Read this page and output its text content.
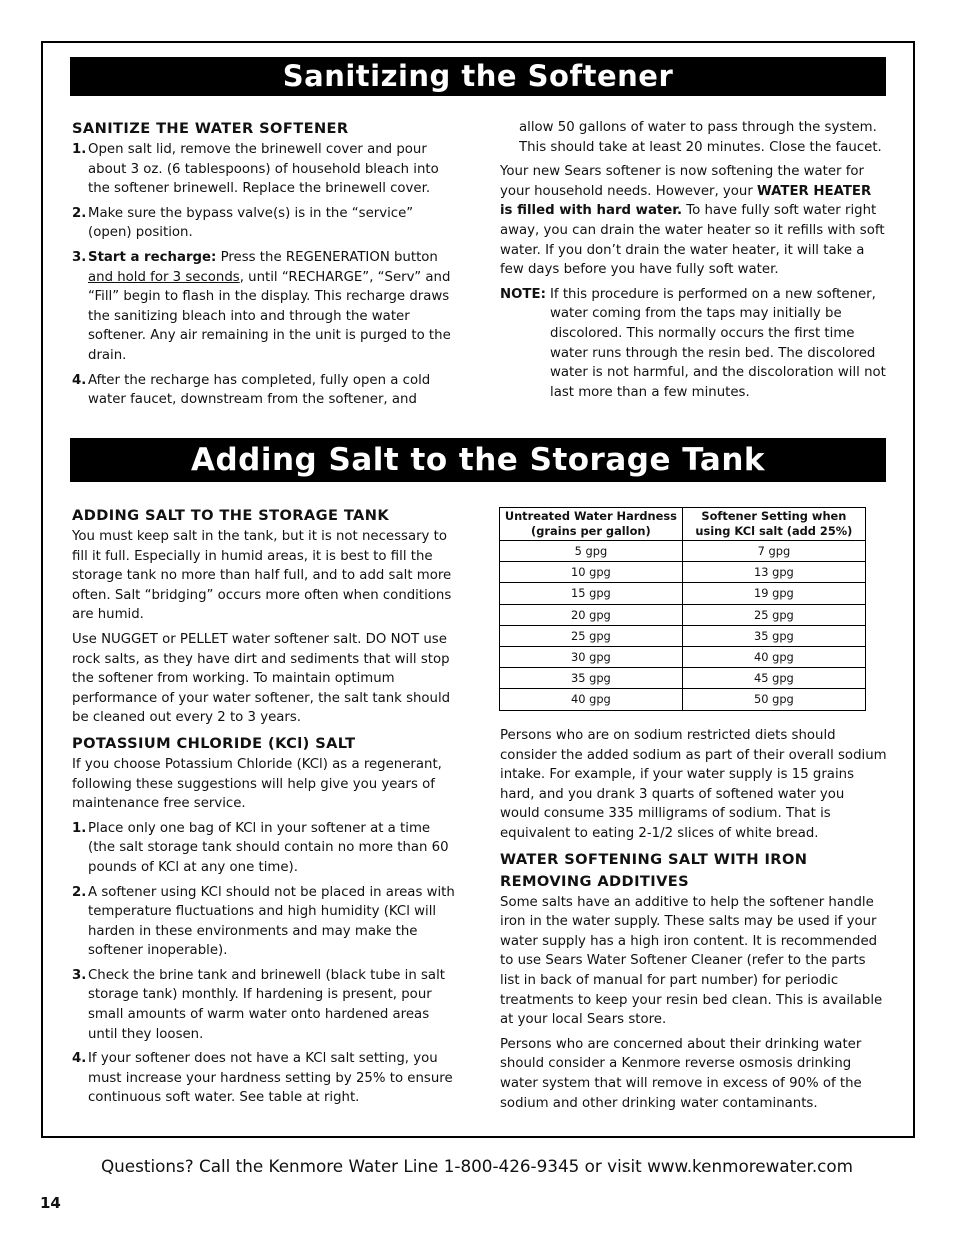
Sanitizing the Softener
SANITIZE THE WATER SOFTENER
1. Open salt lid, remove the brinewell cover and pour about 3 oz. (6 tablespoons) of household bleach into the softener brinewell. Replace the brinewell cover.
2. Make sure the bypass valve(s) is in the “service” (open) position.
3. Start a recharge: Press the REGENERATION button and hold for 3 seconds, until “RECHARGE”, “Serv” and “Fill” begin to flash in the display. This recharge draws the sanitizing bleach into and through the water softener. Any air remaining in the unit is purged to the drain.
4. After the recharge has completed, fully open a cold water faucet, downstream from the softener, and
allow 50 gallons of water to pass through the system. This should take at least 20 minutes. Close the faucet.

Your new Sears softener is now softening the water for your household needs. However, your WATER HEATER is filled with hard water. To have fully soft water right away, you can drain the water heater so it refills with soft water. If you don’t drain the water heater, it will take a few days before you have fully soft water.

NOTE: If this procedure is performed on a new softener, water coming from the taps may initially be discolored. This normally occurs the first time water runs through the resin bed. The discolored water is not harmful, and the discoloration will not last more than a few minutes.
Adding Salt to the Storage Tank
ADDING SALT TO THE STORAGE TANK

You must keep salt in the tank, but it is not necessary to fill it full. Especially in humid areas, it is best to fill the storage tank no more than half full, and to add salt more often. Salt “bridging” occurs more often when conditions are humid.

Use NUGGET or PELLET water softener salt. DO NOT use rock salts, as they have dirt and sediments that will stop the softener from working. To maintain optimum performance of your water softener, the salt tank should be cleaned out every 2 to 3 years.

POTASSIUM CHLORIDE (KCl) SALT

If you choose Potassium Chloride (KCl) as a regenerant, following these suggestions will help give you years of maintenance free service.

1. Place only one bag of KCl in your softener at a time (the salt storage tank should contain no more than 60 pounds of KCl at any one time).
2. A softener using KCl should not be placed in areas with temperature fluctuations and high humidity (KCl will harden in these environments and may make the softener inoperable).
3. Check the brine tank and brinewell (black tube in salt storage tank) monthly. If hardening is present, pour small amounts of warm water onto hardened areas until they loosen.
4. If your softener does not have a KCl salt setting, you must increase your hardness setting by 25% to ensure continuous soft water. See table at right.
Untreated Water Hardness (grains per gallon)	Softener Setting when using KCl salt (add 25%)
5 gpg	7 gpg
10 gpg	13 gpg
15 gpg	19 gpg
20 gpg	25 gpg
25 gpg	35 gpg
30 gpg	40 gpg
35 gpg	45 gpg
40 gpg	50 gpg

Persons who are on sodium restricted diets should consider the added sodium as part of their overall sodium intake. For example, if your water supply is 15 grains hard, and you drank 3 quarts of softened water you would consume 335 milligrams of sodium. That is equivalent to eating 2-1/2 slices of white bread.

WATER SOFTENING SALT WITH IRON REMOVING ADDITIVES

Some salts have an additive to help the softener handle iron in the water supply. These salts may be used if your water supply has a high iron content. It is recommended to use Sears Water Softener Cleaner (refer to the parts list in back of manual for part number) for periodic treatments to keep your resin bed clean. This is available at your local Sears store.

Persons who are concerned about their drinking water should consider a Kenmore reverse osmosis drinking water system that will remove in excess of 90% of the sodium and other drinking water contaminants.

Questions? Call the Kenmore Water Line 1-800-426-9345 or visit www.kenmorewater.com
14
